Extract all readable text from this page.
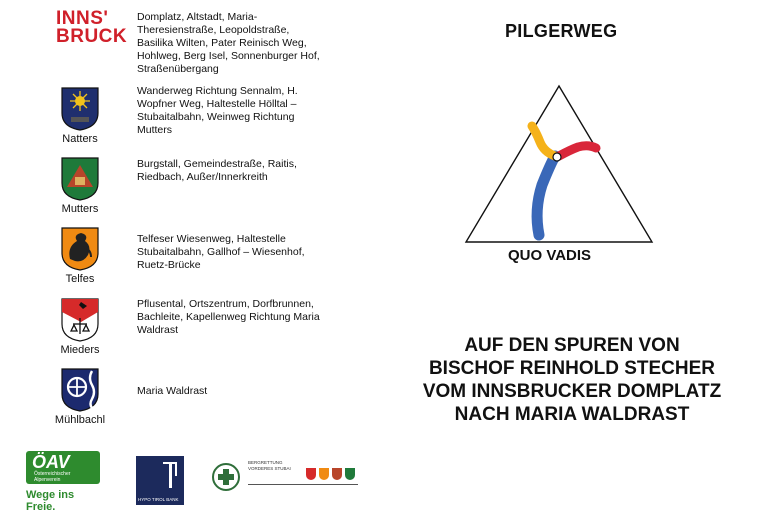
INNS'
BRUCK
Domplatz, Altstadt, Maria-Theresienstraße, Leopoldstraße, Basilika Wilten, Pater Reinisch Weg, Hohlweg, Berg Isel, Sonnenburger Hof, Straßenübergang
Natters
Wanderweg Richtung Sennalm, H. Wopfner Weg, Haltestelle Hölltal – Stubaitalbahn, Weinweg Richtung Mutters
Mutters
Burgstall, Gemeindestraße, Raitis, Riedbach, Außer/Innerkreith
Telfes
Telfeser Wiesenweg, Haltestelle Stubaitalbahn, Gallhof – Wiesenhof, Ruetz-Brücke
Mieders
Pflusental, Ortszentrum, Dorfbrunnen, Bachleite, Kapellenweg Richtung Maria Waldrast
Mühlbachl
Maria Waldrast
ÖAV
Österreichischer
Alpenverein
Wege ins Freie.
HYPO TIROL BANK
BERGRETTUNG VORDERES STUBAI
PILGERWEG
QUO VADIS
AUF DEN SPUREN VON
BISCHOF REINHOLD STECHER
VOM INNSBRUCKER DOMPLATZ
NACH MARIA WALDRAST
